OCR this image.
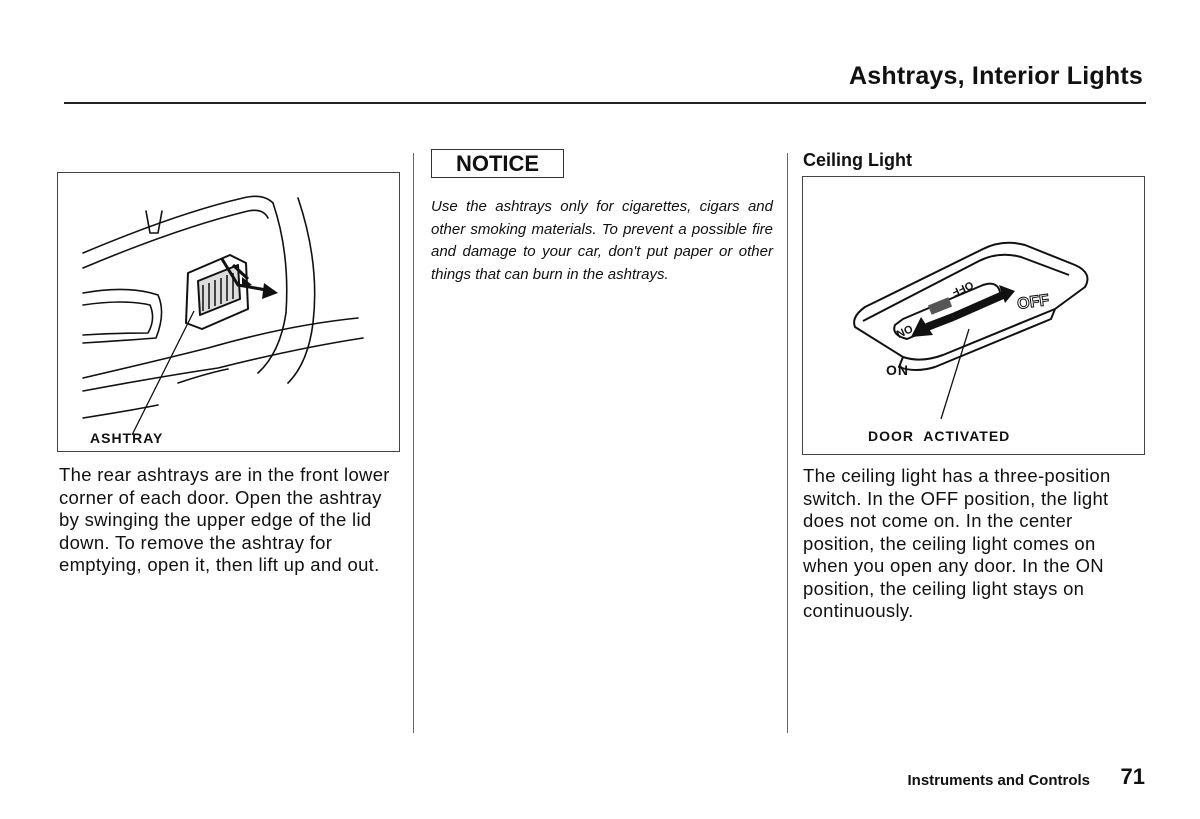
Ashtrays, Interior Lights

ASHTRAY

The rear ashtrays are in the front lower corner of each door. Open the ashtray by swinging the upper edge of the lid down. To remove the ashtray for emptying, open it, then lift up and out.

NOTICE

Use the ashtrays only for cigarettes, cigars and other smoking materials. To prevent a possible fire and damage to your car, don't put paper or other things that can burn in the ashtrays.

Ceiling Light
OFF
ON
OFF

ON

DOOR  ACTIVATED

The ceiling light has a three-position switch. In the OFF position, the light does not come on. In the center position, the ceiling light comes on when you open any door. In the ON position, the ceiling light stays on continuously.

Instruments and Controls 71
